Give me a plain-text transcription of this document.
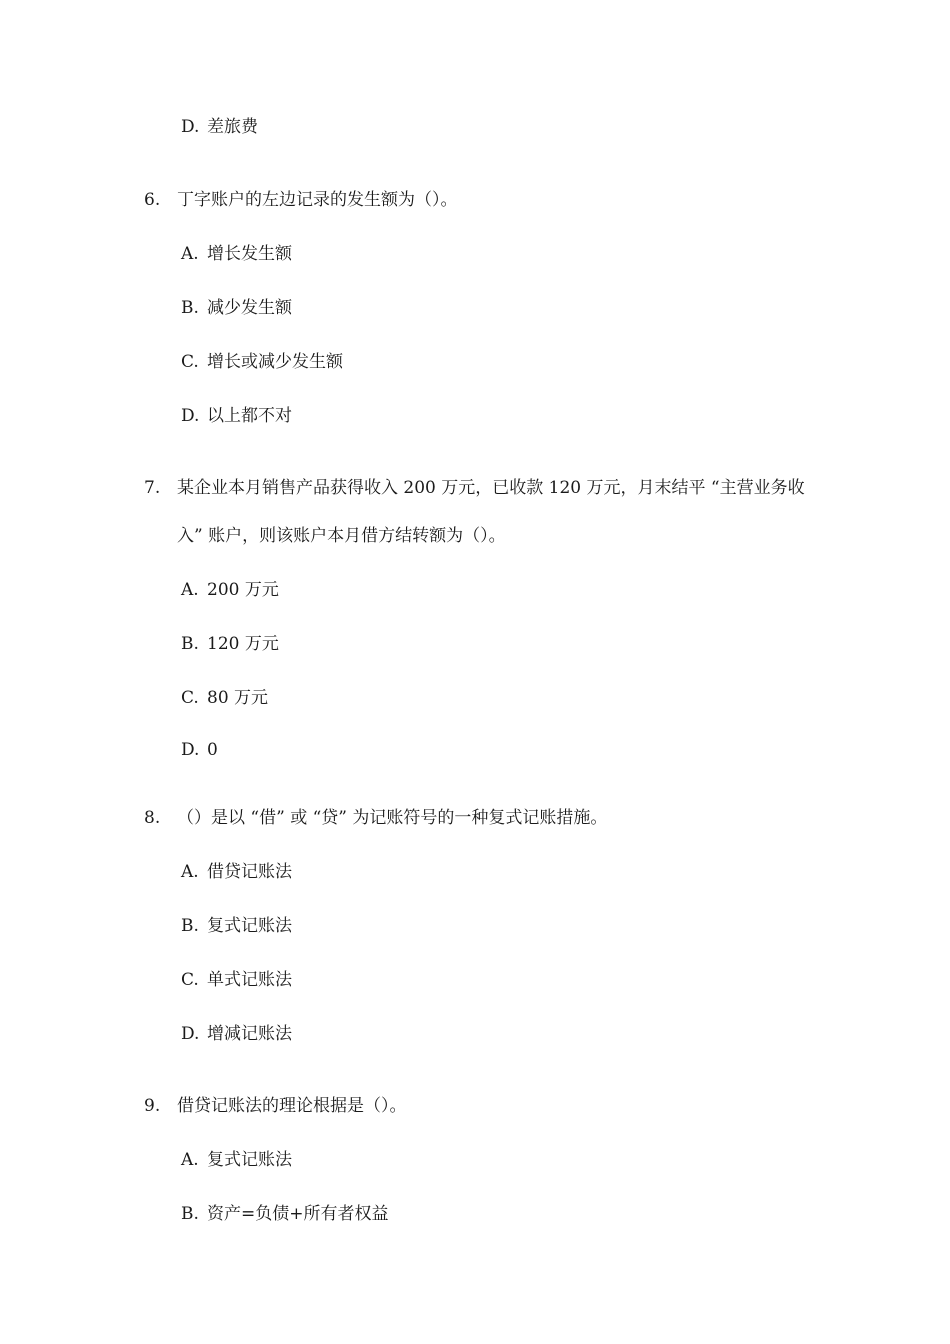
D. 差旅费
6. 丁字账户的左边记录的发生额为（）。
A. 增长发生额
B. 减少发生额
C. 增长或减少发生额
D. 以上都不对
7. 某企业本月销售产品获得收入 200 万元，已收款 120 万元，月末结平 “主营业务收
入” 账户，则该账户本月借方结转额为（）。
A. 200 万元
B. 120 万元
C. 80 万元
D. 0
8. （）是以 “借” 或 “贷” 为记账符号的一种复式记账措施。
A. 借贷记账法
B. 复式记账法
C. 单式记账法
D. 增减记账法
9. 借贷记账法的理论根据是（）。
A. 复式记账法
B. 资产=负债+所有者权益
